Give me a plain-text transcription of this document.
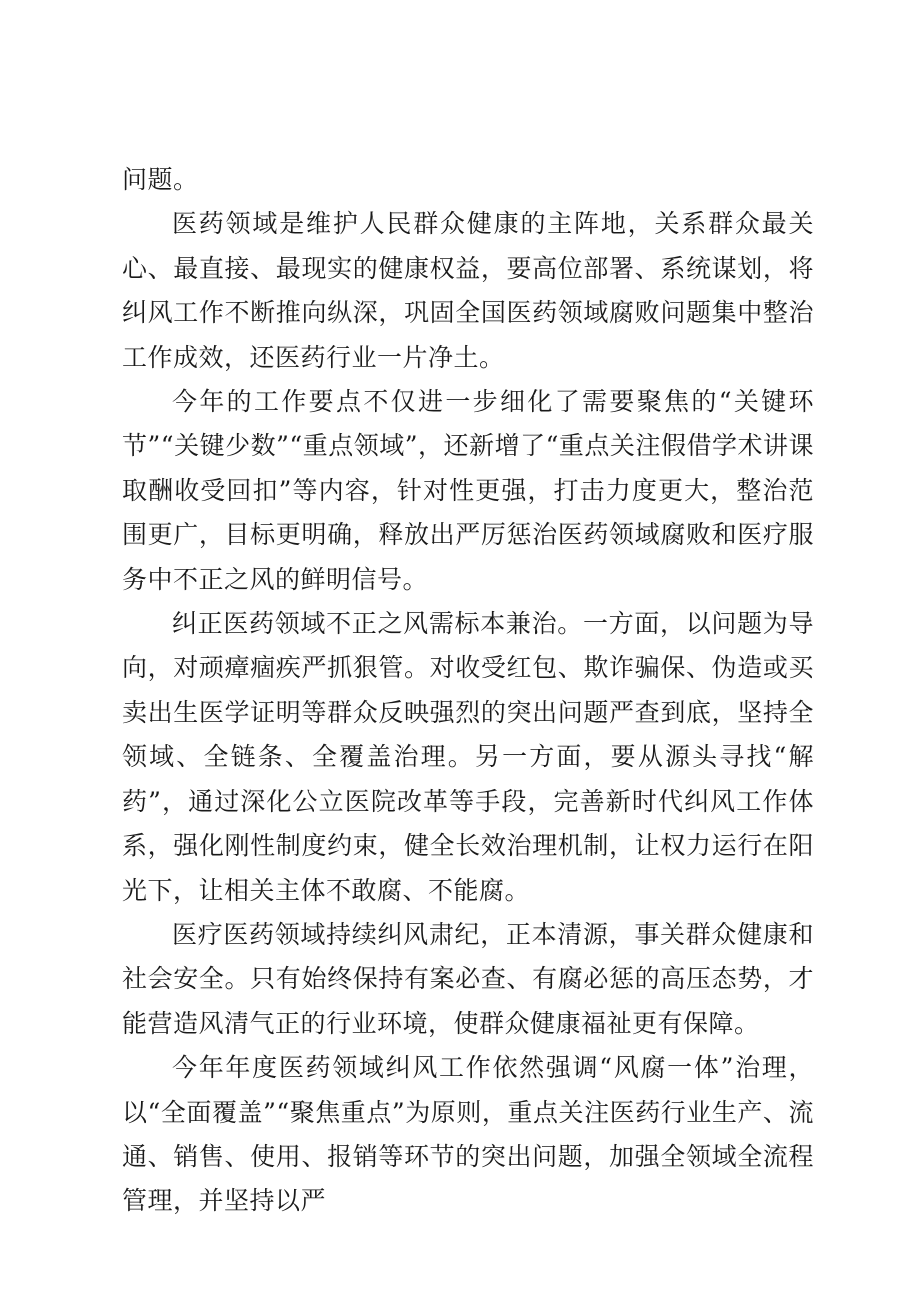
问题。

医药领域是维护人民群众健康的主阵地，关系群众最关心、最直接、最现实的健康权益，要高位部署、系统谋划，将纠风工作不断推向纵深，巩固全国医药领域腐败问题集中整治工作成效，还医药行业一片净土。

今年的工作要点不仅进一步细化了需要聚焦的“关键环节”“关键少数”“重点领域”，还新增了“重点关注假借学术讲课取酬收受回扣”等内容，针对性更强，打击力度更大，整治范围更广，目标更明确，释放出严厉惩治医药领域腐败和医疗服务中不正之风的鲜明信号。

纠正医药领域不正之风需标本兼治。一方面，以问题为导向，对顽瘴痼疾严抓狠管。对收受红包、欺诈骗保、伪造或买卖出生医学证明等群众反映强烈的突出问题严查到底，坚持全领域、全链条、全覆盖治理。另一方面，要从源头寻找“解药”，通过深化公立医院改革等手段，完善新时代纠风工作体系，强化刚性制度约束，健全长效治理机制，让权力运行在阳光下，让相关主体不敢腐、不能腐。

医疗医药领域持续纠风肃纪，正本清源，事关群众健康和社会安全。只有始终保持有案必查、有腐必惩的高压态势，才能营造风清气正的行业环境，使群众健康福祉更有保障。

今年年度医药领域纠风工作依然强调“风腐一体”治理，以“全面覆盖”“聚焦重点”为原则，重点关注医药行业生产、流通、销售、使用、报销等环节的突出问题，加强全领域全流程管理，并坚持以严
